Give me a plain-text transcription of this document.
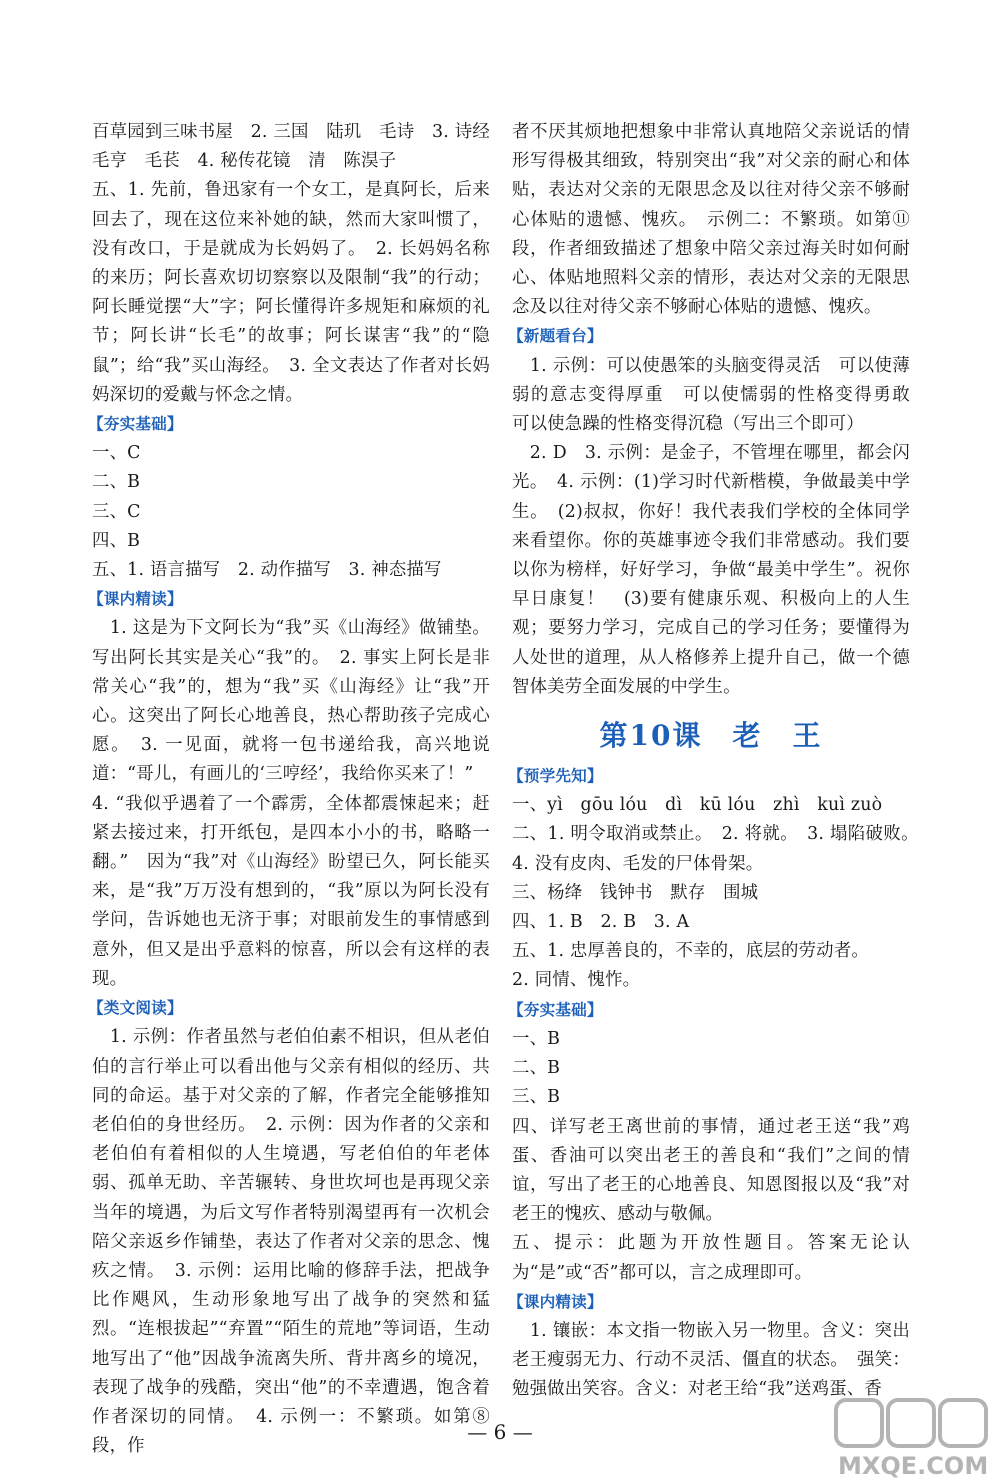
百草园到三味书屋　2. 三国　陆玑　毛诗　3. 诗经　毛亨　毛苌　4. 秘传花镜　清　陈淏子

五、1. 先前，鲁迅家有一个女工，是真阿长，后来回去了，现在这位来补她的缺，然而大家叫惯了，没有改口，于是就成为长妈妈了。　2. 长妈妈名称的来历；阿长喜欢切切察察以及限制“我”的行动；阿长睡觉摆“大”字；阿长懂得许多规矩和麻烦的礼节；阿长讲“长毛”的故事；阿长谋害“我”的“隐鼠”；给“我”买山海经。　3. 全文表达了作者对长妈妈深切的爱戴与怀念之情。

【夯实基础】

一、C

二、B

三、C

四、B

五、1. 语言描写　2. 动作描写　3. 神态描写

【课内精读】

　1. 这是为下文阿长为“我”买《山海经》做铺垫。写出阿长其实是关心“我”的。　2. 事实上阿长是非常关心“我”的，想为“我”买《山海经》让“我”开心。这突出了阿长心地善良，热心帮助孩子完成心愿。　3. 一见面，就将一包书递给我，高兴地说道：“哥儿，有画儿的‘三哼经’，我给你买来了！”

4. “我似乎遇着了一个霹雳，全体都震悚起来；赶紧去接过来，打开纸包，是四本小小的书，略略一翻。”　因为“我”对《山海经》盼望已久，阿长能买来，是“我”万万没有想到的，“我”原以为阿长没有学问，告诉她也无济于事；对眼前发生的事情感到意外，但又是出乎意料的惊喜，所以会有这样的表现。

【类文阅读】

　1. 示例：作者虽然与老伯伯素不相识，但从老伯伯的言行举止可以看出他与父亲有相似的经历、共同的命运。基于对父亲的了解，作者完全能够推知老伯伯的身世经历。　2. 示例：因为作者的父亲和老伯伯有着相似的人生境遇，写老伯伯的年老体弱、孤单无助、辛苦辗转、身世坎坷也是再现父亲当年的境遇，为后文写作者特别渴望再有一次机会陪父亲返乡作铺垫，表达了作者对父亲的思念、愧疚之情。　3. 示例：运用比喻的修辞手法，把战争比作飓风，生动形象地写出了战争的突然和猛烈。“连根拔起”“弃置”“陌生的荒地”等词语，生动地写出了“他”因战争流离失所、背井离乡的境况，表现了战争的残酷，突出“他”的不幸遭遇，饱含着作者深切的同情。　4. 示例一：不繁琐。如第⑧段，作

者不厌其烦地把想象中非常认真地陪父亲说话的情形写得极其细致，特别突出“我”对父亲的耐心和体贴，表达对父亲的无限思念及以往对待父亲不够耐心体贴的遗憾、愧疚。　示例二：不繁琐。如第⑪段，作者细致描述了想象中陪父亲过海关时如何耐心、体贴地照料父亲的情形，表达对父亲的无限思念及以往对待父亲不够耐心体贴的遗憾、愧疚。

【新题看台】

　1. 示例：可以使愚笨的头脑变得灵活　可以使薄弱的意志变得厚重　可以使懦弱的性格变得勇敢　可以使急躁的性格变得沉稳（写出三个即可）

　2. D　3. 示例：是金子，不管埋在哪里，都会闪光。　4. 示例：(1)学习时代新楷模，争做最美中学生。　(2)叔叔，你好！我代表我们学校的全体同学来看望你。你的英雄事迹令我们非常感动。我们要以你为榜样，好好学习，争做“最美中学生”。祝你早日康复！　(3)要有健康乐观、积极向上的人生观；要努力学习，完成自己的学习任务；要懂得为人处世的道理，从人格修养上提升自己，做一个德智体美劳全面发展的中学生。

第10课　老　王
【预学先知】

一、yì　gōu lóu　dì　kū lóu　zhì　kuì zuò

二、1. 明令取消或禁止。　2. 将就。　3. 塌陷破败。　4. 没有皮肉、毛发的尸体骨架。

三、杨绛　钱钟书　默存　围城

四、1. B　2. B　3. A

五、1. 忠厚善良的，不幸的，底层的劳动者。

2. 同情、愧怍。

【夯实基础】

一、B

二、B

三、B

四、详写老王离世前的事情，通过老王送“我”鸡蛋、香油可以突出老王的善良和“我们”之间的情谊，写出了老王的心地善良、知恩图报以及“我”对老王的愧疚、感动与敬佩。

五、提示：此题为开放性题目。答案无论认为“是”或“否”都可以，言之成理即可。

【课内精读】

　1. 镶嵌：本文指一物嵌入另一物里。含义：突出老王瘦弱无力、行动不灵活、僵直的状态。　强笑：勉强做出笑容。含义：对老王给“我”送鸡蛋、香

— 6 —
MXQE.COM
